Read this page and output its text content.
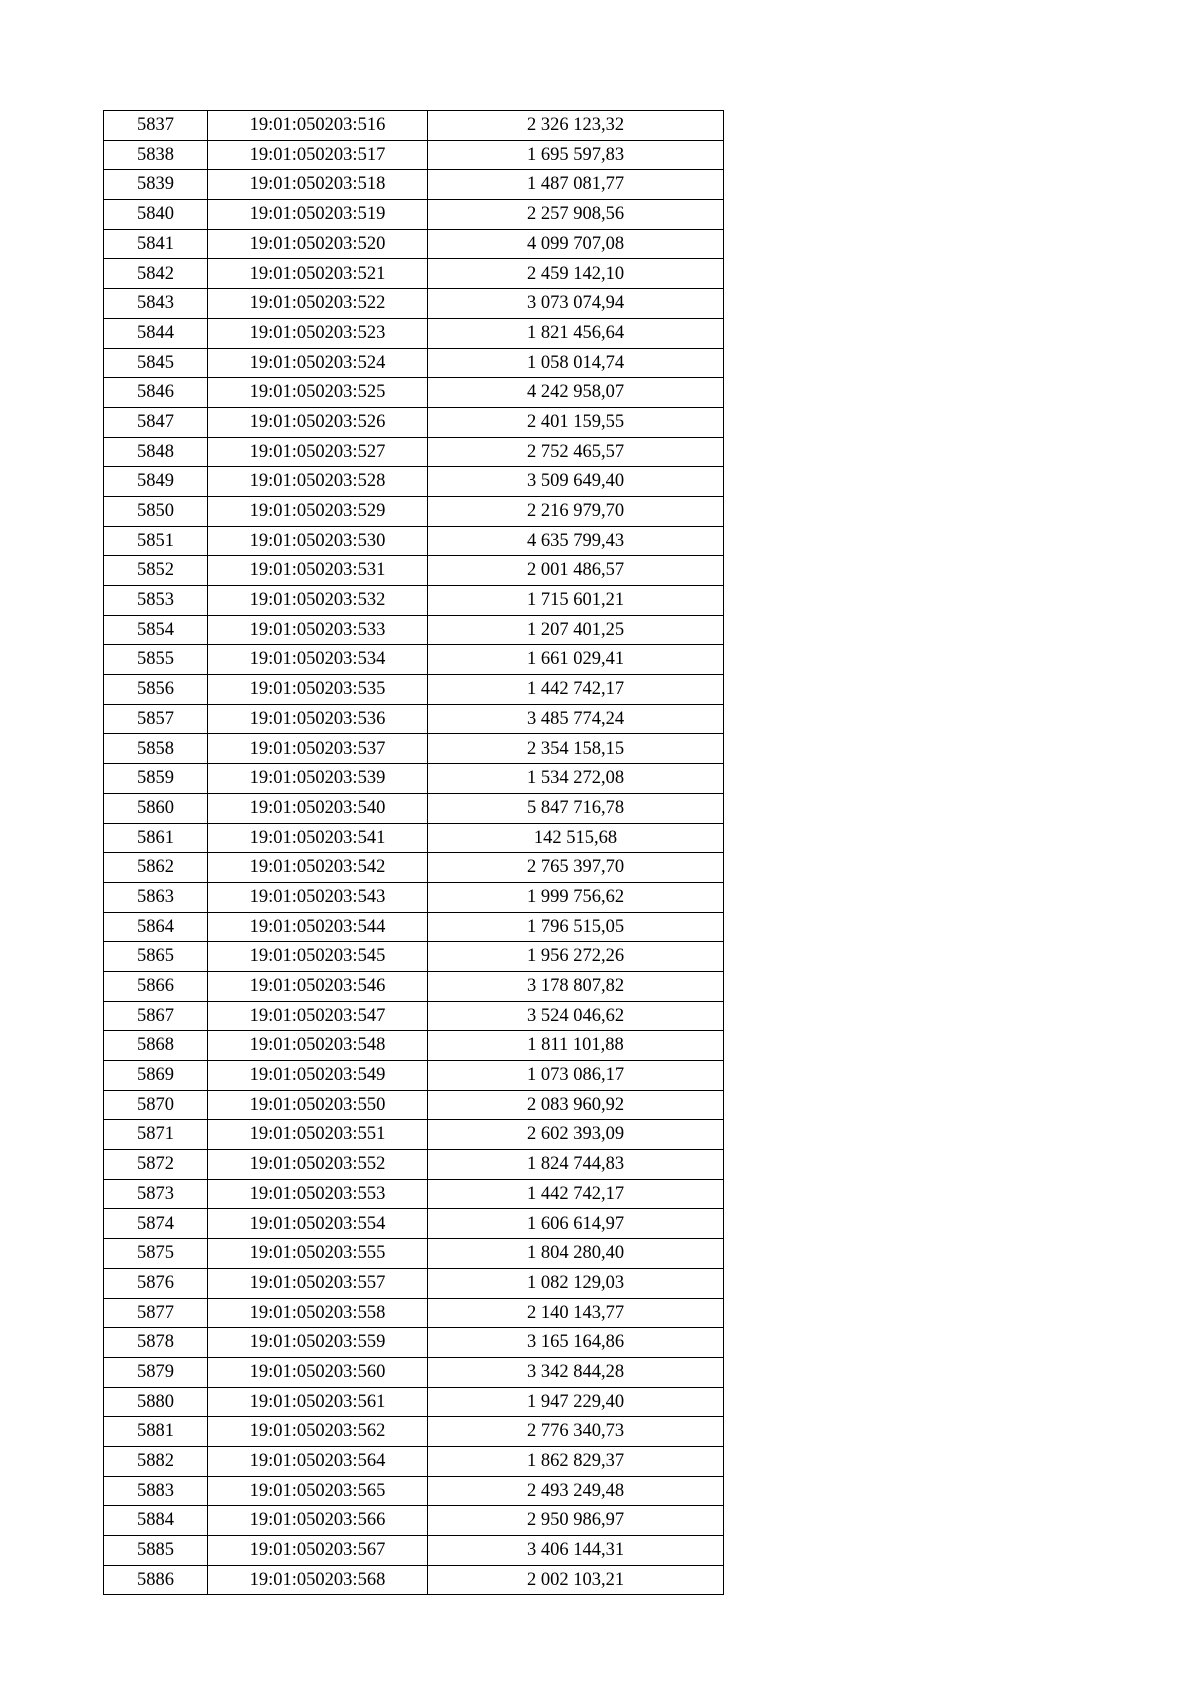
5837	19:01:050203:516	2 326 123,32
5838	19:01:050203:517	1 695 597,83
5839	19:01:050203:518	1 487 081,77
5840	19:01:050203:519	2 257 908,56
5841	19:01:050203:520	4 099 707,08
5842	19:01:050203:521	2 459 142,10
5843	19:01:050203:522	3 073 074,94
5844	19:01:050203:523	1 821 456,64
5845	19:01:050203:524	1 058 014,74
5846	19:01:050203:525	4 242 958,07
5847	19:01:050203:526	2 401 159,55
5848	19:01:050203:527	2 752 465,57
5849	19:01:050203:528	3 509 649,40
5850	19:01:050203:529	2 216 979,70
5851	19:01:050203:530	4 635 799,43
5852	19:01:050203:531	2 001 486,57
5853	19:01:050203:532	1 715 601,21
5854	19:01:050203:533	1 207 401,25
5855	19:01:050203:534	1 661 029,41
5856	19:01:050203:535	1 442 742,17
5857	19:01:050203:536	3 485 774,24
5858	19:01:050203:537	2 354 158,15
5859	19:01:050203:539	1 534 272,08
5860	19:01:050203:540	5 847 716,78
5861	19:01:050203:541	142 515,68
5862	19:01:050203:542	2 765 397,70
5863	19:01:050203:543	1 999 756,62
5864	19:01:050203:544	1 796 515,05
5865	19:01:050203:545	1 956 272,26
5866	19:01:050203:546	3 178 807,82
5867	19:01:050203:547	3 524 046,62
5868	19:01:050203:548	1 811 101,88
5869	19:01:050203:549	1 073 086,17
5870	19:01:050203:550	2 083 960,92
5871	19:01:050203:551	2 602 393,09
5872	19:01:050203:552	1 824 744,83
5873	19:01:050203:553	1 442 742,17
5874	19:01:050203:554	1 606 614,97
5875	19:01:050203:555	1 804 280,40
5876	19:01:050203:557	1 082 129,03
5877	19:01:050203:558	2 140 143,77
5878	19:01:050203:559	3 165 164,86
5879	19:01:050203:560	3 342 844,28
5880	19:01:050203:561	1 947 229,40
5881	19:01:050203:562	2 776 340,73
5882	19:01:050203:564	1 862 829,37
5883	19:01:050203:565	2 493 249,48
5884	19:01:050203:566	2 950 986,97
5885	19:01:050203:567	3 406 144,31
5886	19:01:050203:568	2 002 103,21
